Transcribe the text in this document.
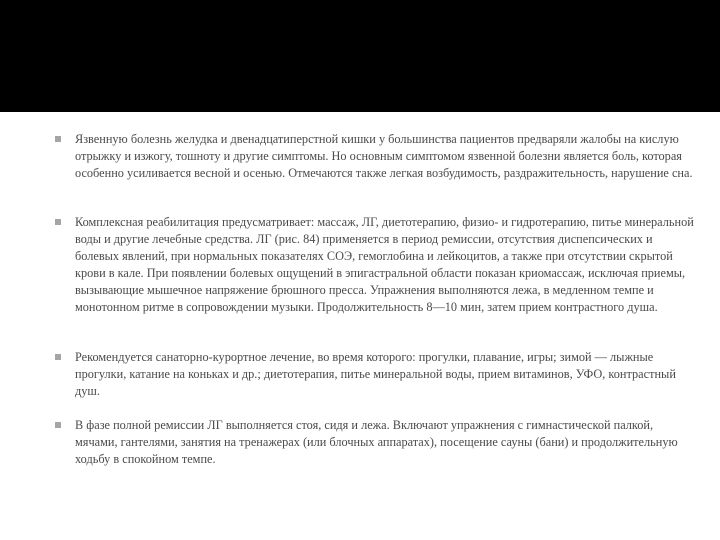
Язвенную болезнь желудка и двенадцатиперстной кишки у большинства пациентов предваряли жалобы на кислую отрыжку и изжогу, тошноту и другие симптомы. Но основным симптомом язвенной болезни является боль, которая особенно усиливается весной и осенью. Отмечаются также легкая возбудимость, раздражительность, нарушение сна.

Комплексная реабилитация предусматривает: массаж, ЛГ, диетотерапию, физио- и гидротерапию, питье минеральной воды и другие лечебные средства. ЛГ (рис. 84) применяется в период ремиссии, отсутствия диспепсических и болевых явлений, при нормальных показателях СОЭ, гемоглобина и лейкоцитов, а также при отсутствии скрытой крови в кале. При появлении болевых ощущений в эпигастральной области показан криомассаж, исключая приемы, вызывающие мышечное напряжение брюшного пресса. Упражнения выполняются лежа, в медленном темпе и монотонном ритме в сопровождении музыки. Продолжительность 8—10 мин, затем прием контрастного душа.

Рекомендуется санаторно-курортное лечение, во время которого: прогулки, плавание, игры; зимой — лыжные прогулки, катание на коньках и др.; диетотерапия, питье минеральной воды, прием витаминов, УФО, контрастный душ.

В фазе полной ремиссии ЛГ выполняется стоя, сидя и лежа. Включают упражнения с гимнастической палкой, мячами, гантелями, занятия на тренажерах (или блочных аппаратах), посещение сауны (бани) и продолжительную ходьбу в спокойном темпе.
